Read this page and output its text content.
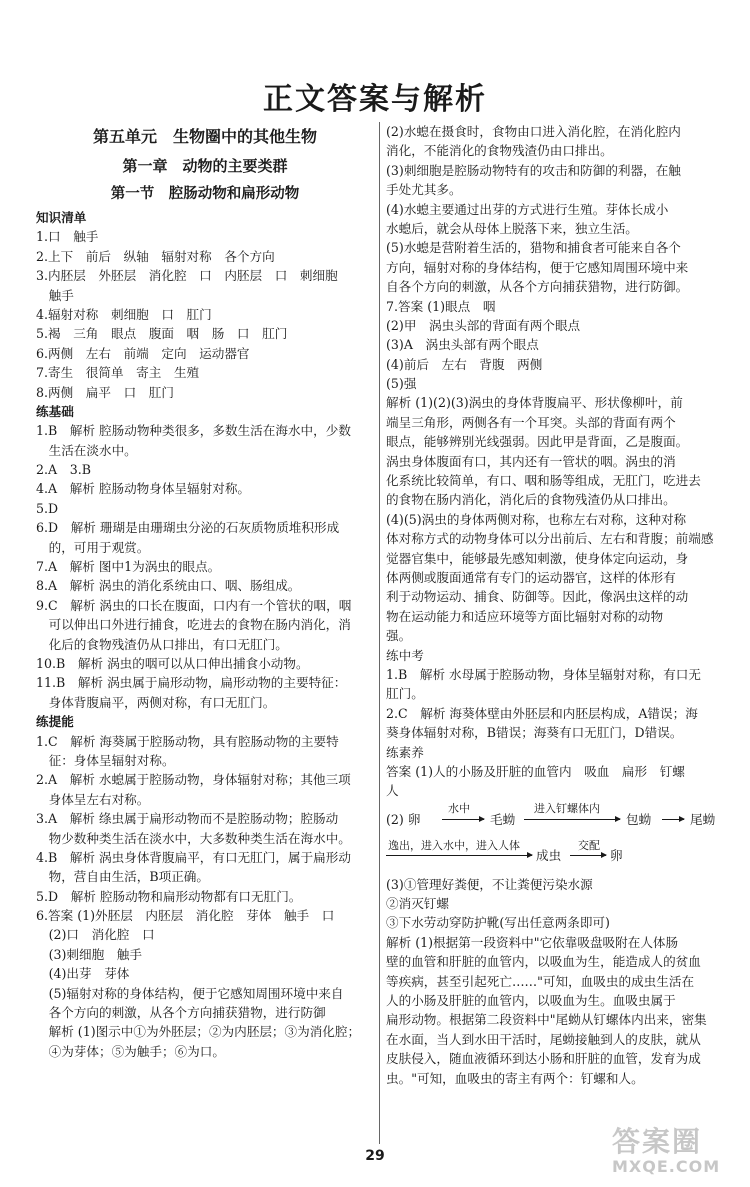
正文答案与解析
第五单元　生物圈中的其他生物
第一章　动物的主要类群
第一节　腔肠动物和扁形动物
知识清单
1.口　触手
2.上下　前后　纵轴　辐射对称　各个方向
3.内胚层　外胚层　消化腔　口　内胚层　口　刺细胞
　触手
4.辐射对称　刺细胞　口　肛门
5.褐　三角　眼点　腹面　咽　肠　口　肛门
6.两侧　左右　前端　定向　运动器官
7.寄生　很简单　寄主　生殖
8.两侧　扁平　口　肛门
练基础
1.B　解析 腔肠动物种类很多，多数生活在海水中，少数
　生活在淡水中。
2.A　3.B
4.A　解析 腔肠动物身体呈辐射对称。
5.D
6.D　解析 珊瑚是由珊瑚虫分泌的石灰质物质堆积形成
　的，可用于观赏。
7.A　解析 图中1为涡虫的眼点。
8.A　解析 涡虫的消化系统由口、咽、肠组成。
9.C　解析 涡虫的口长在腹面，口内有一个管状的咽，咽
　可以伸出口外进行捕食，吃进去的食物在肠内消化，消
　化后的食物残渣仍从口排出，有口无肛门。
10.B　解析 涡虫的咽可以从口伸出捕食小动物。
11.B　解析 涡虫属于扁形动物，扁形动物的主要特征：
　身体背腹扁平，两侧对称，有口无肛门。
练提能
1.C　解析 海葵属于腔肠动物，具有腔肠动物的主要特
　征：身体呈辐射对称。
2.A　解析 水螅属于腔肠动物，身体辐射对称；其他三项
　身体呈左右对称。
3.A　解析 绦虫属于扁形动物而不是腔肠动物；腔肠动
　物少数种类生活在淡水中，大多数种类生活在海水中。
4.B　解析 涡虫身体背腹扁平，有口无肛门，属于扁形动
　物，营自由生活，B项正确。
5.D　解析 腔肠动物和扁形动物都有口无肛门。
6.答案 (1)外胚层　内胚层　消化腔　芽体　触手　口
　(2)口　消化腔　口
　(3)刺细胞　触手
　(4)出芽　芽体
　(5)辐射对称的身体结构，便于它感知周围环境中来自
　各个方向的刺激，从各个方向捕获猎物，进行防御
　解析 (1)图示中①为外胚层；②为内胚层；③为消化腔；
　④为芽体；⑤为触手；⑥为口。
(2)水螅在摄食时，食物由口进入消化腔，在消化腔内
消化，不能消化的食物残渣仍由口排出。
(3)刺细胞是腔肠动物特有的攻击和防御的利器，在触
手处尤其多。
(4)水螅主要通过出芽的方式进行生殖。芽体长成小
水螅后，就会从母体上脱落下来，独立生活。
(5)水螅是营附着生活的，猎物和捕食者可能来自各个
方向，辐射对称的身体结构，便于它感知周围环境中来
自各个方向的刺激，从各个方向捕获猎物，进行防御。
7.答案 (1)眼点　咽
(2)甲　涡虫头部的背面有两个眼点
(3)A　涡虫头部有两个眼点
(4)前后　左右　背腹　两侧
(5)强
解析 (1)(2)(3)涡虫的身体背腹扁平、形状像柳叶，前
端呈三角形，两侧各有一个耳突。头部的背面有两个
眼点，能够辨别光线强弱。因此甲是背面，乙是腹面。
涡虫身体腹面有口，其内还有一管状的咽。涡虫的消
化系统比较简单，有口、咽和肠等组成，无肛门，吃进去
的食物在肠内消化，消化后的食物残渣仍从口排出。
(4)(5)涡虫的身体两侧对称，也称左右对称，这种对称
体对称方式的动物身体可以分出前后、左右和背腹；前端感
觉器官集中，能够最先感知刺激，使身体定向运动，身
体两侧或腹面通常有专门的运动器官，这样的体形有
利于动物运动、捕食、防御等。因此，像涡虫这样的动
物在运动能力和适应环境等方面比辐射对称的动物
强。
练中考
1.B　解析 水母属于腔肠动物，身体呈辐射对称，有口无
肛门。
2.C　解析 海葵体壁由外胚层和内胚层构成，A错误；海
葵身体辐射对称，B错误；海葵有口无肛门，D错误。
练素养
答案 (1)人的小肠及肝脏的血管内　吸血　扁形　钉螺
人
(2) 卵
水中
毛蚴
进入钉螺体内
包蚴	尾蚴
逸出，进入水中，进入人体
成虫
交配
卵
(3)①管理好粪便，不让粪便污染水源
②消灭钉螺
③下水劳动穿防护靴(写出任意两条即可)
解析 (1)根据第一段资料中"它依靠吸盘吸附在人体肠
壁的血管和肝脏的血管内，以吸血为生，能造成人的贫血
等疾病，甚至引起死亡……"可知，血吸虫的成虫生活在
人的小肠及肝脏的血管内，以吸血为生。血吸虫属于
扁形动物。根据第二段资料中"尾蚴从钉螺体内出来，密集
在水面，当人到水田干活时，尾蚴接触到人的皮肤，就从
皮肤侵入，随血液循环到达小肠和肝脏的血管，发育为成
虫。"可知，血吸虫的寄主有两个：钉螺和人。
29	答案圈
MXQE.COM
